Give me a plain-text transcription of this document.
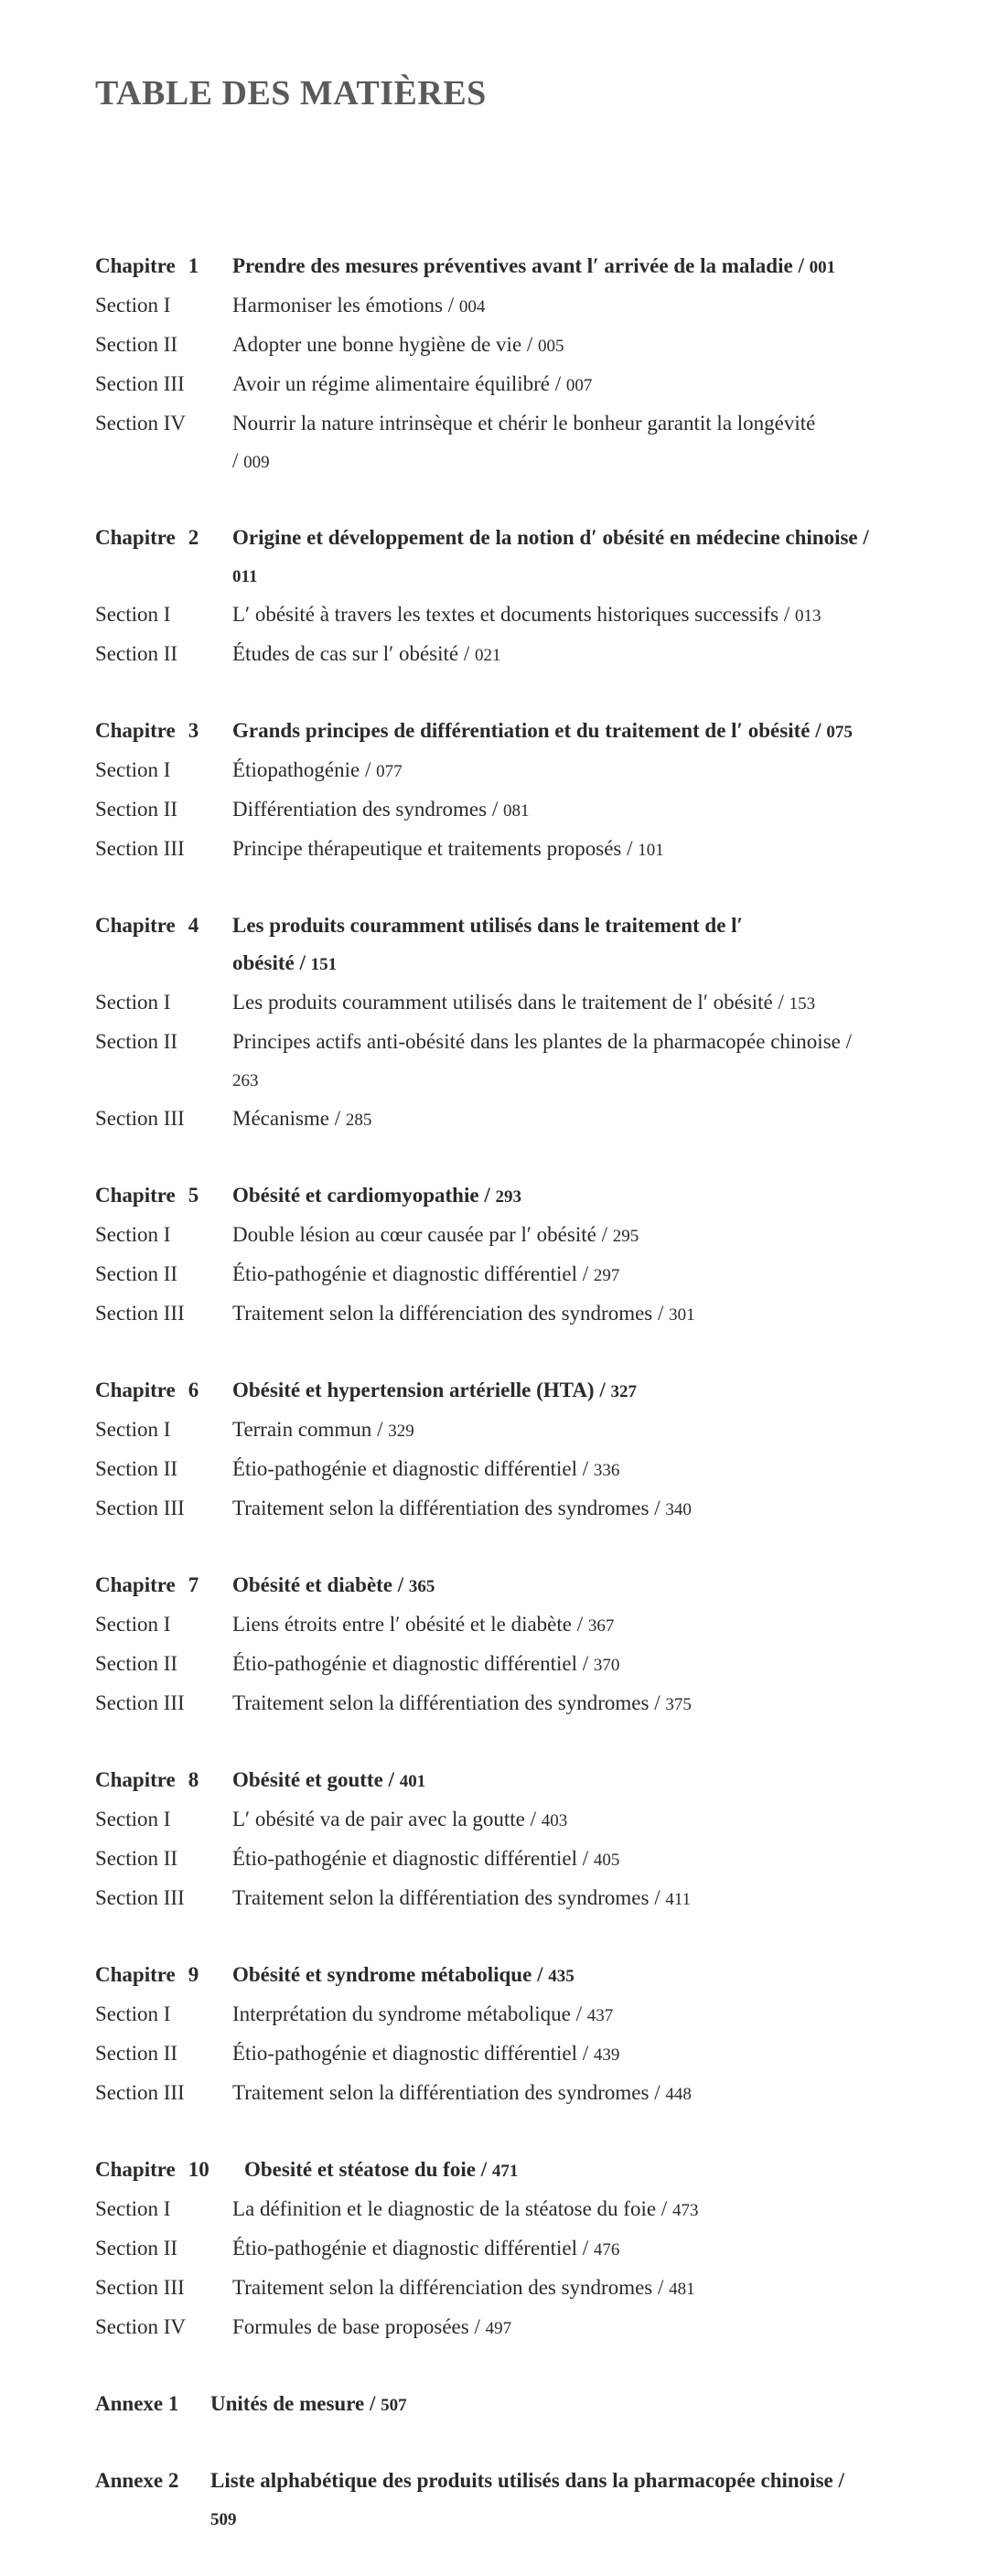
TABLE DES MATIÈRES
Chapitre 1	Prendre des mesures préventives avant l′ arrivée de la maladie / 001
Section I	Harmoniser les émotions / 004
Section II	Adopter une bonne hygiène de vie / 005
Section III	Avoir un régime alimentaire équilibré / 007
Section IV	Nourrir la nature intrinsèque et chérir le bonheur garantit la longévité / 009
Chapitre 2	Origine et développement de la notion d′ obésité en médecine chinoise / 011
Section I	L′ obésité à travers les textes et documents historiques successifs / 013
Section II	Études de cas sur l′ obésité / 021
Chapitre 3	Grands principes de différentiation et du traitement de l′ obésité / 075
Section I	Étiopathogénie / 077
Section II	Différentiation des syndromes / 081
Section III	Principe thérapeutique et traitements proposés / 101
Chapitre 4	Les produits couramment utilisés dans le traitement de l′ obésité / 151
Section I	Les produits couramment utilisés dans le traitement de l′ obésité / 153
Section II	Principes actifs anti-obésité dans les plantes de la pharmacopée chinoise / 263
Section III	Mécanisme / 285
Chapitre 5	Obésité et cardiomyopathie / 293
Section I	Double lésion au cœur causée par l′ obésité / 295
Section II	Étio-pathogénie et diagnostic différentiel / 297
Section III	Traitement selon la différenciation des syndromes / 301
Chapitre 6	Obésité et hypertension artérielle (HTA) / 327
Section I	Terrain commun / 329
Section II	Étio-pathogénie et diagnostic différentiel / 336
Section III	Traitement selon la différentiation des syndromes / 340
Chapitre 7	Obésité et diabète / 365
Section I	Liens étroits entre l′ obésité et le diabète / 367
Section II	Étio-pathogénie et diagnostic différentiel / 370
Section III	Traitement selon la différentiation des syndromes / 375
Chapitre 8	Obésité et goutte / 401
Section I	L′ obésité va de pair avec la goutte / 403
Section II	Étio-pathogénie et diagnostic différentiel / 405
Section III	Traitement selon la différentiation des syndromes / 411
Chapitre 9	Obésité et syndrome métabolique / 435
Section I	Interprétation du syndrome métabolique / 437
Section II	Étio-pathogénie et diagnostic différentiel / 439
Section III	Traitement selon la différentiation des syndromes / 448
Chapitre 10	Obesité et stéatose du foie / 471
Section I	La définition et le diagnostic de la stéatose du foie / 473
Section II	Étio-pathogénie et diagnostic différentiel / 476
Section III	Traitement selon la différenciation des syndromes / 481
Section IV	Formules de base proposées / 497
Annexe 1	Unités de mesure / 507
Annexe 2	Liste alphabétique des produits utilisés dans la pharmacopée chinoise / 509
